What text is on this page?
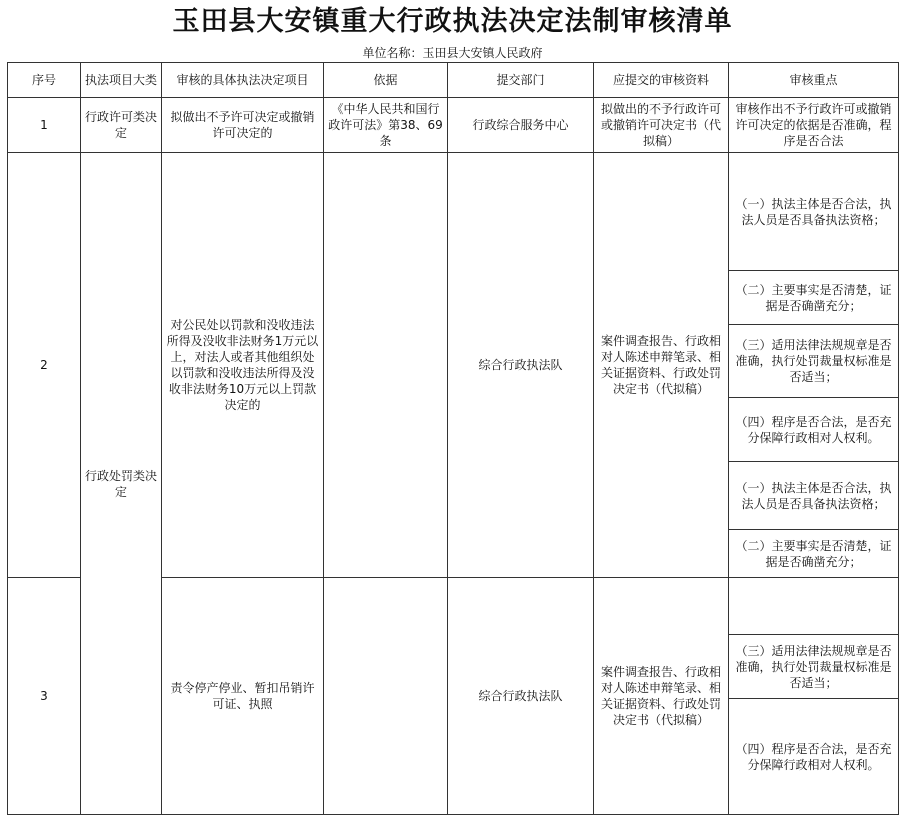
玉田县大安镇重大行政执法决定法制审核清单
单位名称：玉田县大安镇人民政府
序号	执法项目大类	审核的具体执法决定项目	依据	提交部门	应提交的审核资料	审核重点
1	行政许可类决定	拟做出不予许可决定或撤销许可决定的	《中华人民共和国行政许可法》第38、69条	行政综合服务中心	拟做出的不予行政许可或撤销许可决定书（代拟稿）	审核作出不予行政许可或撤销许可决定的依据是否准确，程序是否合法
2	行政处罚类决定	对公民处以罚款和没收违法所得及没收非法财务1万元以上，对法人或者其他组织处以罚款和没收违法所得及没收非法财务10万元以上罚款决定的		综合行政执法队	案件调查报告、行政相对人陈述申辩笔录、相关证据资料、行政处罚决定书（代拟稿）	（一）执法主体是否合法，执法人员是否具备执法资格；
						（二）主要事实是否清楚，证据是否确凿充分；
						（三）适用法律法规规章是否准确，执行处罚裁量权标准是否适当；
						（四）程序是否合法，是否充分保障行政相对人权利。
						（一）执法主体是否合法，执法人员是否具备执法资格；
						（二）主要事实是否清楚，证据是否确凿充分；
3		责令停产停业、暂扣吊销许可证、执照		综合行政执法队	案件调查报告、行政相对人陈述申辩笔录、相关证据资料、行政处罚决定书（代拟稿）	

						（三）适用法律法规规章是否准确，执行处罚裁量权标准是否适当；
						（四）程序是否合法，是否充分保障行政相对人权利。
